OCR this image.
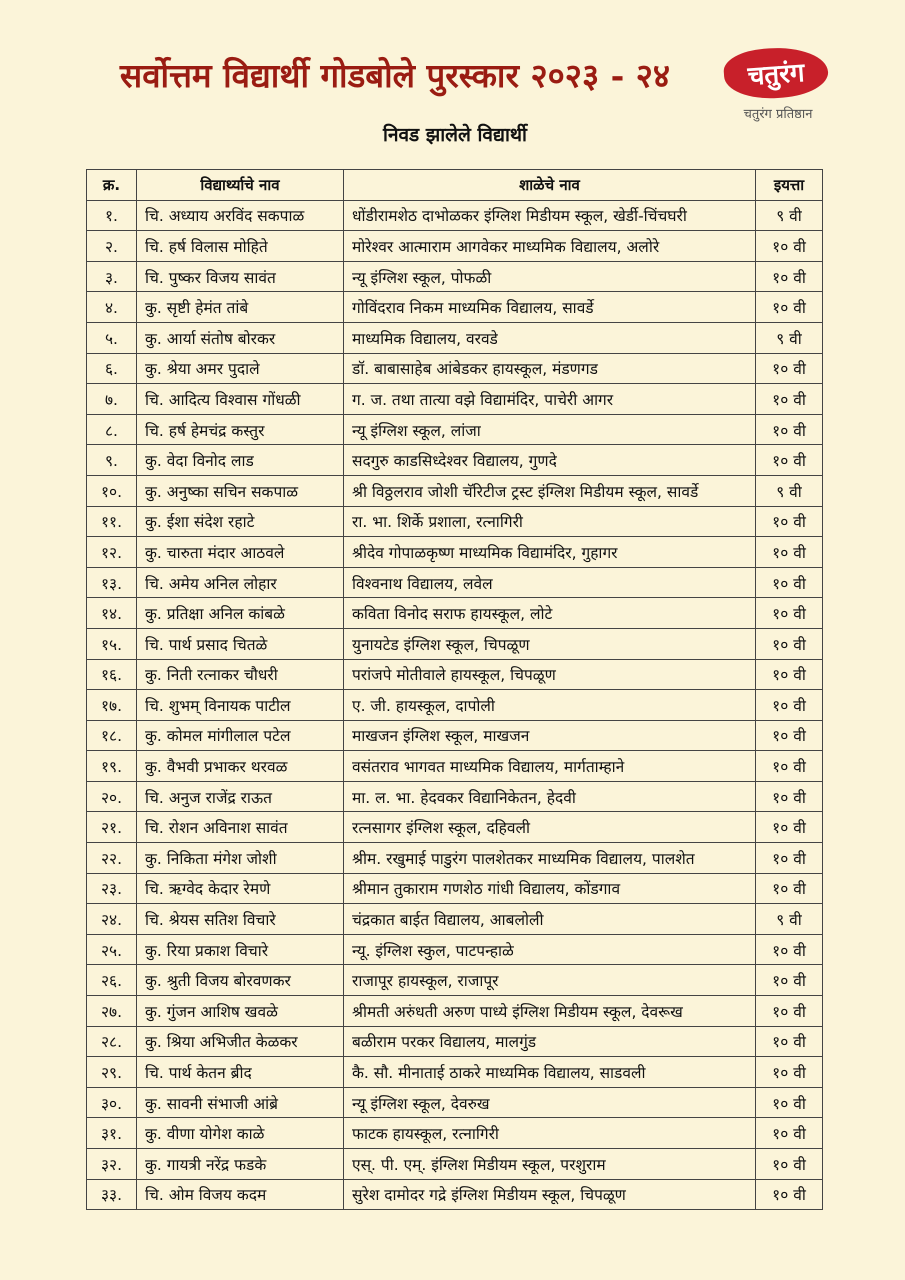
सर्वोत्तम विद्यार्थी गोडबोले पुरस्कार २०२३ - २४	चतुरंग
चतुरंग प्रतिष्ठान
निवड झालेले विद्यार्थी
क्र.	विद्यार्थ्याचे नाव	शाळेचे नाव	इयत्ता
१.	चि. अध्याय अरविंद सकपाळ	धोंडीरामशेठ दाभोळकर इंग्लिश मिडीयम स्कूल, खेर्डी-चिंचघरी	९ वी
२.	चि. हर्ष विलास मोहिते	मोरेश्वर आत्माराम आगवेकर माध्यमिक विद्यालय, अलोरे	१० वी
३.	चि. पुष्कर विजय सावंत	न्यू इंग्लिश स्कूल, पोफळी	१० वी
४.	कु. सृष्टी हेमंत तांबे	गोविंदराव निकम माध्यमिक विद्यालय, सावर्डे	१० वी
५.	कु. आर्या संतोष बोरकर	माध्यमिक विद्यालय, वरवडे	९ वी
६.	कु. श्रेया अमर पुदाले	डॉ. बाबासाहेब आंबेडकर हायस्कूल, मंडणगड	१० वी
७.	चि. आदित्य विश्वास गोंधळी	ग. ज. तथा तात्या वझे विद्यामंदिर, पाचेरी आगर	१० वी
८.	चि. हर्ष हेमचंद्र कस्तुर	न्यू इंग्लिश स्कूल, लांजा	१० वी
९.	कु. वेदा विनोद लाड	सदगुरु काडसिध्देश्वर विद्यालय, गुणदे	१० वी
१०.	कु. अनुष्का सचिन सकपाळ	श्री विठ्ठलराव जोशी चॅरिटीज ट्रस्ट इंग्लिश मिडीयम स्कूल, सावर्डे	९ वी
११.	कु. ईशा संदेश रहाटे	रा. भा. शिर्के प्रशाला, रत्नागिरी	१० वी
१२.	कु. चारुता मंदार आठवले	श्रीदेव गोपाळकृष्ण माध्यमिक विद्यामंदिर, गुहागर	१० वी
१३.	चि. अमेय अनिल लोहार	विश्वनाथ विद्यालय, लवेल	१० वी
१४.	कु. प्रतिक्षा अनिल कांबळे	कविता विनोद सराफ हायस्कूल, लोटे	१० वी
१५.	चि. पार्थ प्रसाद चितळे	युनायटेड इंग्लिश स्कूल, चिपळूण	१० वी
१६.	कु. निती रत्नाकर चौधरी	परांजपे मोतीवाले हायस्कूल, चिपळूण	१० वी
१७.	चि. शुभम् विनायक पाटील	ए. जी. हायस्कूल, दापोली	१० वी
१८.	कु. कोमल मांगीलाल पटेल	माखजन इंग्लिश स्कूल, माखजन	१० वी
१९.	कु. वैभवी प्रभाकर थरवळ	वसंतराव भागवत माध्यमिक विद्यालय, मार्गताम्हाने	१० वी
२०.	चि. अनुज राजेंद्र राऊत	मा. ल. भा. हेदवकर विद्यानिकेतन, हेदवी	१० वी
२१.	चि. रोशन अविनाश सावंत	रत्नसागर इंग्लिश स्कूल, दहिवली	१० वी
२२.	कु. निकिता मंगेश जोशी	श्रीम. रखुमाई पाडुरंग पालशेतकर माध्यमिक विद्यालय, पालशेत	१० वी
२३.	चि. ऋग्वेद केदार रेमणे	श्रीमान तुकाराम गणशेठ गांधी विद्यालय, कोंडगाव	१० वी
२४.	चि. श्रेयस सतिश विचारे	चंद्रकात बाईत विद्यालय, आबलोली	९ वी
२५.	कु. रिया प्रकाश विचारे	न्यू. इंग्लिश स्कुल, पाटपन्हाळे	१० वी
२६.	कु. श्रुती विजय बोरवणकर	राजापूर हायस्कूल, राजापूर	१० वी
२७.	कु. गुंजन आशिष खवळे	श्रीमती अरुंधती अरुण पाध्ये इंग्लिश मिडीयम स्कूल, देवरूख	१० वी
२८.	कु. श्रिया अभिजीत केळकर	बळीराम परकर विद्यालय, मालगुंड	१० वी
२९.	चि. पार्थ केतन ब्रीद	कै. सौ. मीनाताई ठाकरे माध्यमिक विद्यालय, साडवली	१० वी
३०.	कु. सावनी संभाजी आंब्रे	न्यू इंग्लिश स्कूल, देवरुख	१० वी
३१.	कु. वीणा योगेश काळे	फाटक हायस्कूल, रत्नागिरी	१० वी
३२.	कु. गायत्री नरेंद्र फडके	एस्. पी. एम्. इंग्लिश मिडीयम स्कूल, परशुराम	१० वी
३३.	चि. ओम विजय कदम	सुरेश दामोदर गद्रे इंग्लिश मिडीयम स्कूल, चिपळूण	१० वी
